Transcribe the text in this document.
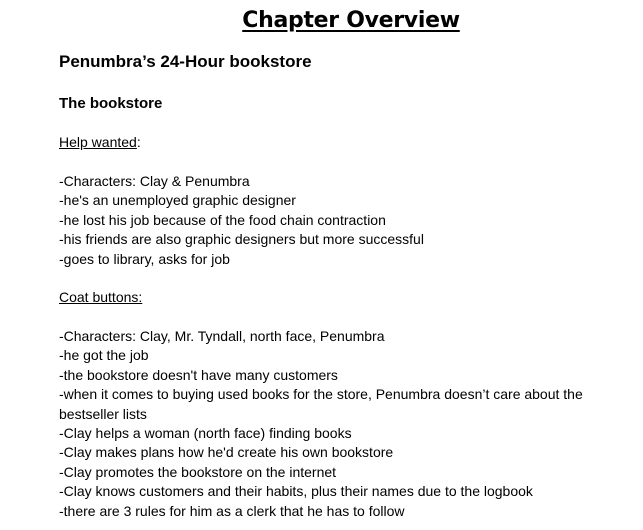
Chapter Overview
Penumbra’s 24-Hour bookstore
The bookstore
Help wanted:
-Characters: Clay & Penumbra
-he's an unemployed graphic designer
-he lost his job because of the food chain contraction
-his friends are also graphic designers but more successful
-goes to library, asks for job
Coat buttons:
-Characters: Clay, Mr. Tyndall, north face, Penumbra
-he got the job
-the bookstore doesn't have many customers
-when it comes to buying used books for the store, Penumbra doesn’t care about the bestseller lists
-Clay helps a woman (north face) finding books
-Clay makes plans how he'd create his own bookstore
-Clay promotes the bookstore on the internet
-Clay knows customers and their habits, plus their names due to the logbook
-there are 3 rules for him as a clerk that he has to follow
